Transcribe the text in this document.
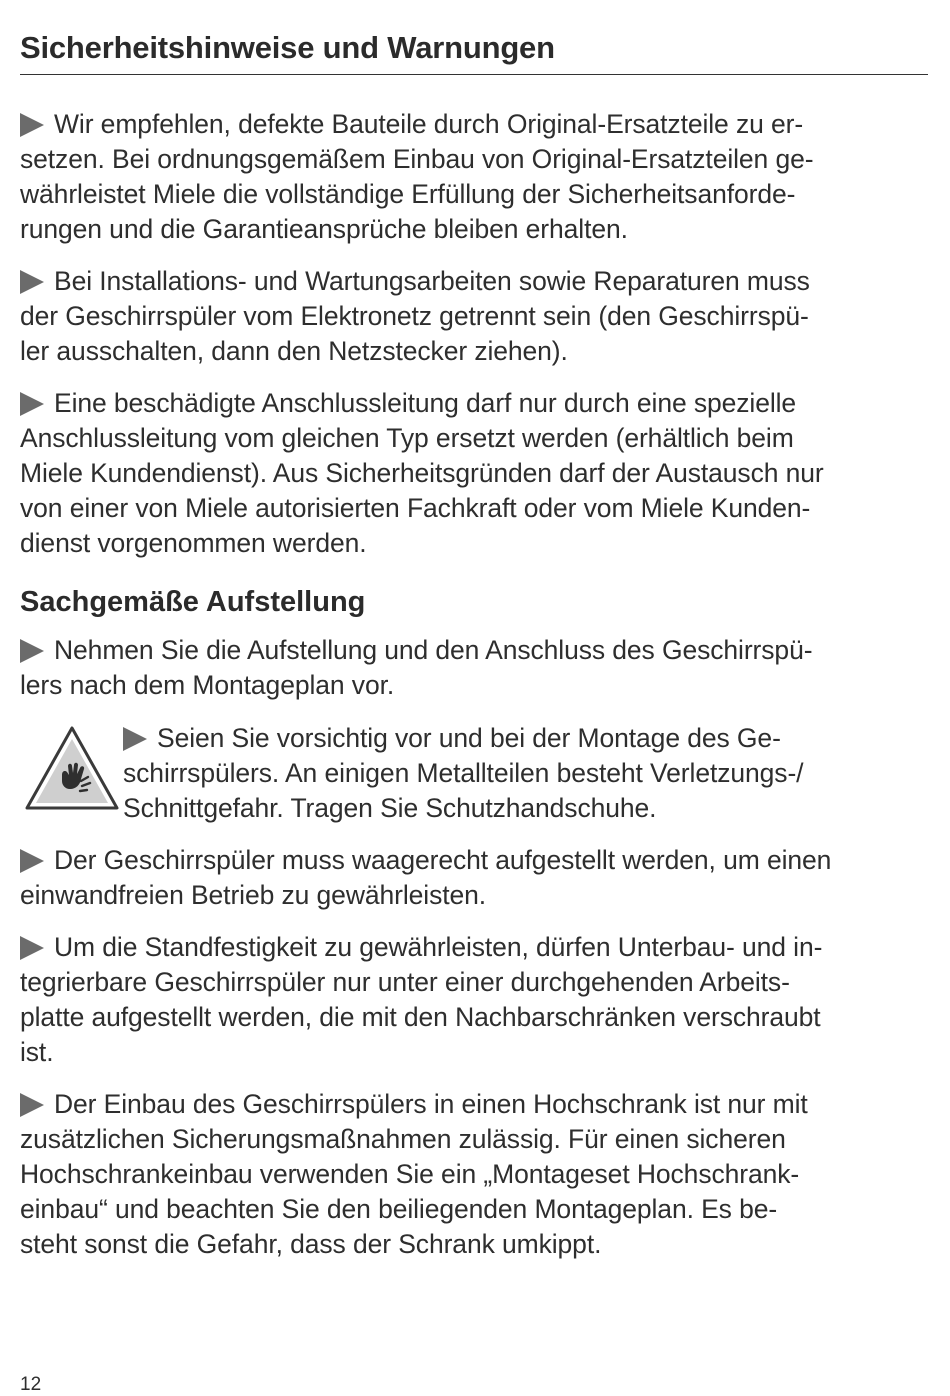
Sicherheitshinweise und Warnungen

Wir empfehlen, defekte Bauteile durch Original-Ersatzteile zu er-
setzen. Bei ordnungsgemäßem Einbau von Original-Ersatzteilen ge-
währleistet Miele die vollständige Erfüllung der Sicherheitsanforde-
rungen und die Garantieansprüche bleiben erhalten.

Bei Installations- und Wartungsarbeiten sowie Reparaturen muss
der Geschirrspüler vom Elektronetz getrennt sein (den Geschirrspü-
ler ausschalten, dann den Netzstecker ziehen).

Eine beschädigte Anschlussleitung darf nur durch eine spezielle
Anschlussleitung vom gleichen Typ ersetzt werden (erhältlich beim
Miele Kundendienst). Aus Sicherheitsgründen darf der Austausch nur
von einer von Miele autorisierten Fachkraft oder vom Miele Kunden-
dienst vorgenommen werden.

Sachgemäße Aufstellung

Nehmen Sie die Aufstellung und den Anschluss des Geschirrspü-
lers nach dem Montageplan vor.

Seien Sie vorsichtig vor und bei der Montage des Ge-
schirrspülers. An einigen Metallteilen besteht Verletzungs-/
Schnittgefahr. Tragen Sie Schutzhandschuhe.

Der Geschirrspüler muss waagerecht aufgestellt werden, um einen
einwandfreien Betrieb zu gewährleisten.

Um die Standfestigkeit zu gewährleisten, dürfen Unterbau- und in-
tegrierbare Geschirrspüler nur unter einer durchgehenden Arbeits-
platte aufgestellt werden, die mit den Nachbarschränken verschraubt
ist.

Der Einbau des Geschirrspülers in einen Hochschrank ist nur mit
zusätzlichen Sicherungsmaßnahmen zulässig. Für einen sicheren
Hochschrankeinbau verwenden Sie ein „Montageset Hochschrank-
einbau“ und beachten Sie den beiliegenden Montageplan. Es be-
steht sonst die Gefahr, dass der Schrank umkippt.

12
